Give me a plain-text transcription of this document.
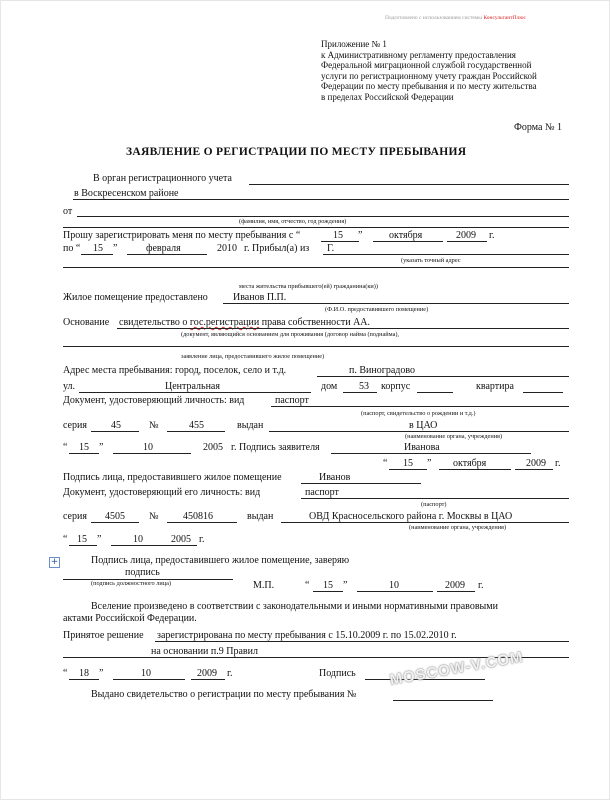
Подготовлено с использованием системы КонсультантПлюс
Приложение № 1
к Административному регламенту предоставления
Федеральной миграционной службой государственной
услуги по регистрационному учету граждан Российской
Федерации по месту пребывания и по месту жительства
в пределах Российской Федерации
Форма № 1
ЗАЯВЛЕНИЕ О РЕГИСТРАЦИИ ПО МЕСТУ ПРЕБЫВАНИЯ
В орган регистрационного учета
в Воскресенском районе
от
(фамилия, имя, отчество, год рождения)
Прошу зарегистрировать меня по месту пребывания с “	15 ”	октября	2009 г.
по “ 15 ”	февраля	2010 г. Прибыл(а) из Г.
(указать точный адрес
места жительства прибывшего(ей) гражданина(ки))
Жилое помещение предоставлено	Иванов П.П.
(Ф.И.О. предоставившего помещение)
Основание свидетельство о гос.регистрации права собственности АА.
(документ, являющийся основанием для проживания (договор найма (поднайма),
заявление лица, предоставившего жилое помещение)
Адрес места пребывания: город, поселок, село и т.д.	п. Виноградово
ул.	Центральная	дом 53 корпус	квартира
Документ, удостоверяющий личность: вид	паспорт
(паспорт, свидетельство о рождении и т.д.)
серия 45	№	455	выдан	в ЦАО
(наименование органа, учреждения)
“ 15 ”	10	2005 г. Подпись заявителя	Иванова
“ 15 ” октября	2009 г.
Подпись лица, предоставившего жилое помещение	Иванов
Документ, удостоверяющий его личность: вид	паспорт
(паспорт)
серия 4505 № 450816	выдан	ОВД Красносельского района г. Москвы в ЦАО
(наименование органа, учреждения)
“ 15 ”	10	2005 г.
+	Подпись лица, предоставившего жилое помещение, заверяю
подпись
(подпись должностного лица)	М.П.	“ 15 ”	10	2009 г.
Вселение произведено в соответствии с законодательными и иными нормативными правовыми
актами Российской Федерации.
Принятое решение зарегистрирована по месту пребывания с 15.10.2009 г. по 15.02.2010 г.
на основании п.9 Правил
“ 18 ”	10	2009 г.	Подпись
Выдано свидетельство о регистрации по месту пребывания №
MOSCOW-V.COM
